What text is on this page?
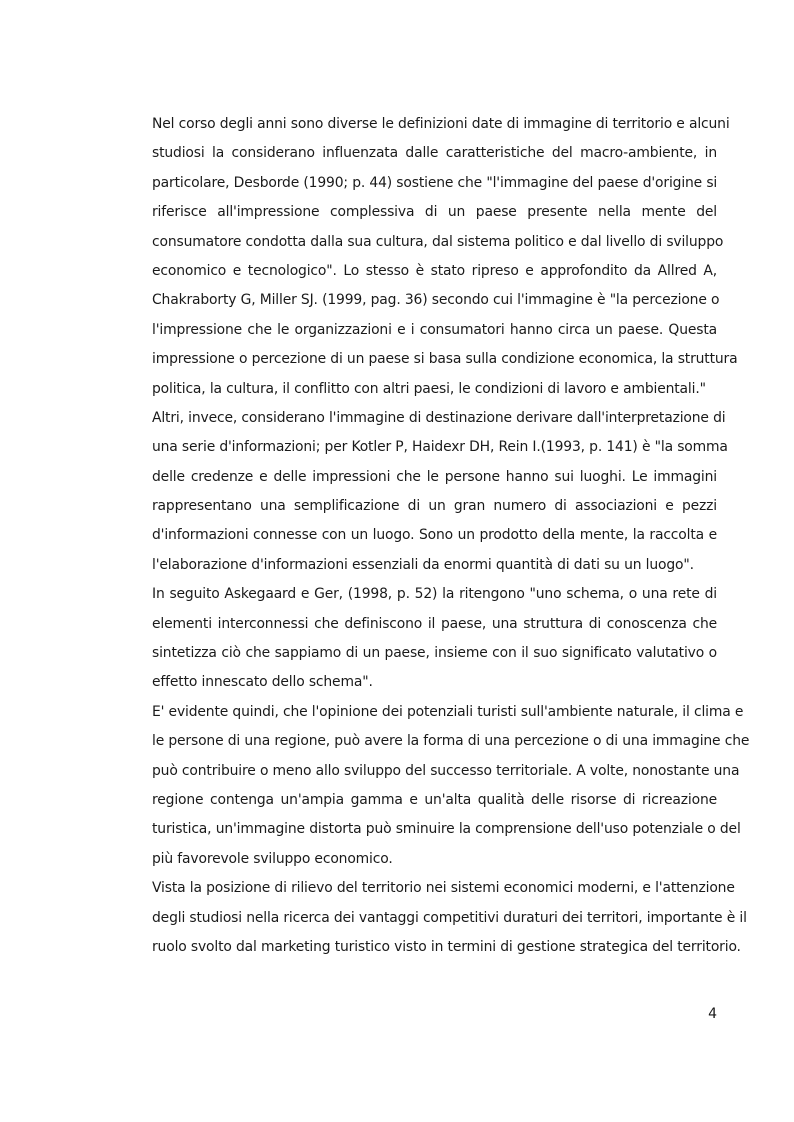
Nel corso degli anni sono diverse le definizioni date di immagine di territorio e alcuni
studiosi la considerano influenzata dalle caratteristiche del macro-ambiente, in
particolare, Desborde (1990; p. 44) sostiene che "l'immagine del paese d'origine si
riferisce all'impressione complessiva di un paese presente nella mente del
consumatore condotta dalla sua cultura, dal sistema politico e dal livello di sviluppo
economico e tecnologico". Lo stesso è stato ripreso e approfondito da Allred A,
Chakraborty G, Miller SJ. (1999, pag. 36) secondo cui l'immagine è "la percezione o
l'impressione che le organizzazioni e i consumatori hanno circa un paese. Questa
impressione o percezione di un paese si basa sulla condizione economica, la struttura
politica, la cultura, il conflitto con altri paesi, le condizioni di lavoro e ambientali."
Altri, invece, considerano l'immagine di destinazione derivare dall'interpretazione di
una serie d'informazioni; per Kotler P, Haidexr DH, Rein I.(1993, p. 141) è "la somma
delle credenze e delle impressioni che le persone hanno sui luoghi. Le immagini
rappresentano una semplificazione di un gran numero di associazioni e pezzi
d'informazioni connesse con un luogo. Sono un prodotto della mente, la raccolta e
l'elaborazione d'informazioni essenziali da enormi quantità di dati su un luogo".
In seguito Askegaard e Ger, (1998, p. 52) la ritengono "uno schema, o una rete di
elementi interconnessi che definiscono il paese, una struttura di conoscenza che
sintetizza ciò che sappiamo di un paese, insieme con il suo significato valutativo o
effetto innescato dello schema".
E' evidente quindi, che l'opinione dei potenziali turisti sull'ambiente naturale, il clima e
le persone di una regione, può avere la forma di una percezione o di una immagine che
può contribuire o meno allo sviluppo del successo territoriale. A volte, nonostante una
regione contenga un'ampia gamma e un'alta qualità delle risorse di ricreazione
turistica, un'immagine distorta può sminuire la comprensione dell'uso potenziale o del
più favorevole sviluppo economico.
Vista la posizione di rilievo del territorio nei sistemi economici moderni, e l'attenzione
degli studiosi nella ricerca dei vantaggi competitivi duraturi dei territori, importante è il
ruolo svolto dal marketing turistico visto in termini di gestione strategica del territorio.
4
